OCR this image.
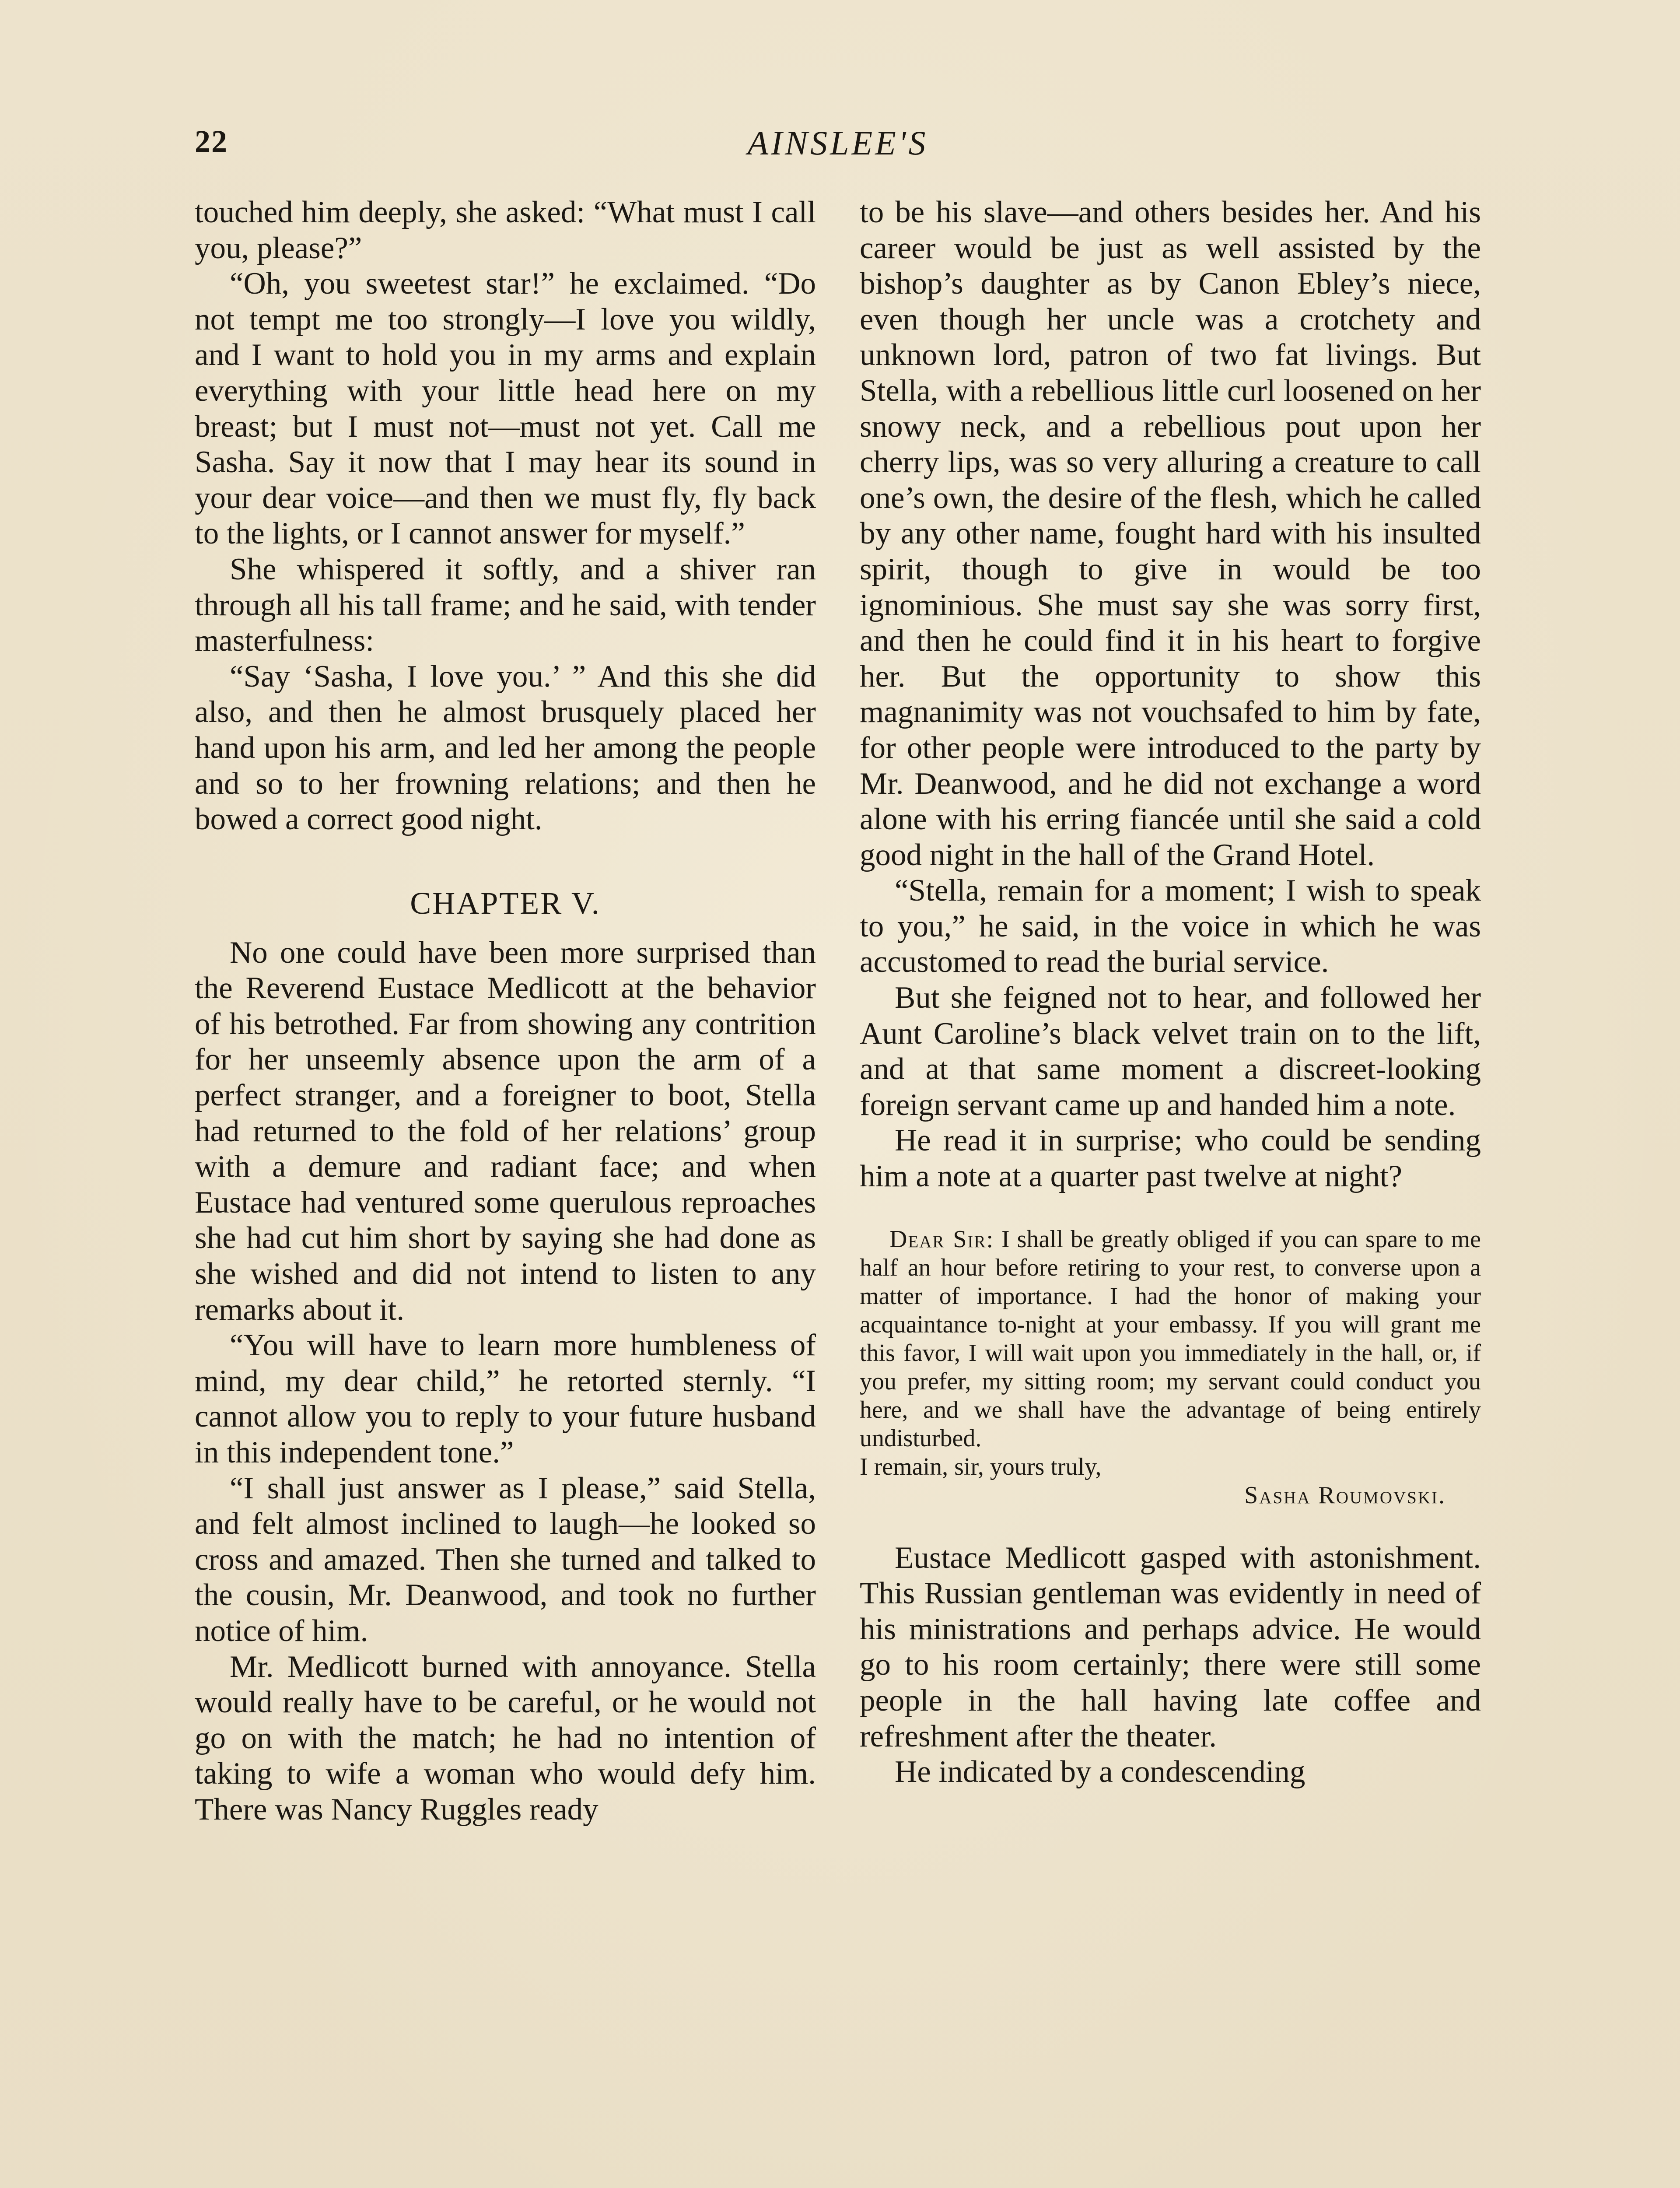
22	AINSLEE'S

touched him deeply, she asked: “What must I call you, please?”

“Oh, you sweetest star!” he exclaimed. “Do not tempt me too strongly—I love you wildly, and I want to hold you in my arms and explain everything with your little head here on my breast; but I must not—must not yet. Call me Sasha. Say it now that I may hear its sound in your dear voice—and then we must fly, fly back to the lights, or I cannot answer for myself.”

She whispered it softly, and a shiver ran through all his tall frame; and he said, with tender masterfulness:

“Say ‘Sasha, I love you.’ ” And this she did also, and then he almost brusquely placed her hand upon his arm, and led her among the people and so to her frowning relations; and then he bowed a correct good night.

CHAPTER V.

No one could have been more surprised than the Reverend Eustace Medlicott at the behavior of his betrothed. Far from showing any contrition for her unseemly absence upon the arm of a perfect stranger, and a foreigner to boot, Stella had returned to the fold of her relations’ group with a demure and radiant face; and when Eustace had ventured some querulous reproaches she had cut him short by saying she had done as she wished and did not intend to listen to any remarks about it.

“You will have to learn more humbleness of mind, my dear child,” he retorted sternly. “I cannot allow you to reply to your future husband in this independent tone.”

“I shall just answer as I please,” said Stella, and felt almost inclined to laugh—he looked so cross and amazed. Then she turned and talked to the cousin, Mr. Deanwood, and took no further notice of him.

Mr. Medlicott burned with annoyance. Stella would really have to be careful, or he would not go on with the match; he had no intention of taking to wife a woman who would defy him. There was Nancy Ruggles ready

to be his slave—and others besides her. And his career would be just as well assisted by the bishop’s daughter as by Canon Ebley’s niece, even though her uncle was a crotchety and unknown lord, patron of two fat livings. But Stella, with a rebellious little curl loosened on her snowy neck, and a rebellious pout upon her cherry lips, was so very alluring a creature to call one’s own, the desire of the flesh, which he called by any other name, fought hard with his insulted spirit, though to give in would be too ignominious. She must say she was sorry first, and then he could find it in his heart to forgive her. But the opportunity to show this magnanimity was not vouchsafed to him by fate, for other people were introduced to the party by Mr. Deanwood, and he did not exchange a word alone with his erring fiancée until she said a cold good night in the hall of the Grand Hotel.

“Stella, remain for a moment; I wish to speak to you,” he said, in the voice in which he was accustomed to read the burial service.

But she feigned not to hear, and followed her Aunt Caroline’s black velvet train on to the lift, and at that same moment a discreet-looking foreign servant came up and handed him a note.

He read it in surprise; who could be sending him a note at a quarter past twelve at night?

Dear Sir: I shall be greatly obliged if you can spare to me half an hour before retiring to your rest, to converse upon a matter of importance. I had the honor of making your acquaintance to-night at your embassy. If you will grant me this favor, I will wait upon you immediately in the hall, or, if you prefer, my sitting room; my servant could conduct you here, and we shall have the advantage of being entirely undisturbed.

I remain, sir, yours truly,

Sasha Roumovski.

Eustace Medlicott gasped with astonishment. This Russian gentleman was evidently in need of his ministrations and perhaps advice. He would go to his room certainly; there were still some people in the hall having late coffee and refreshment after the theater.

He indicated by a condescending
